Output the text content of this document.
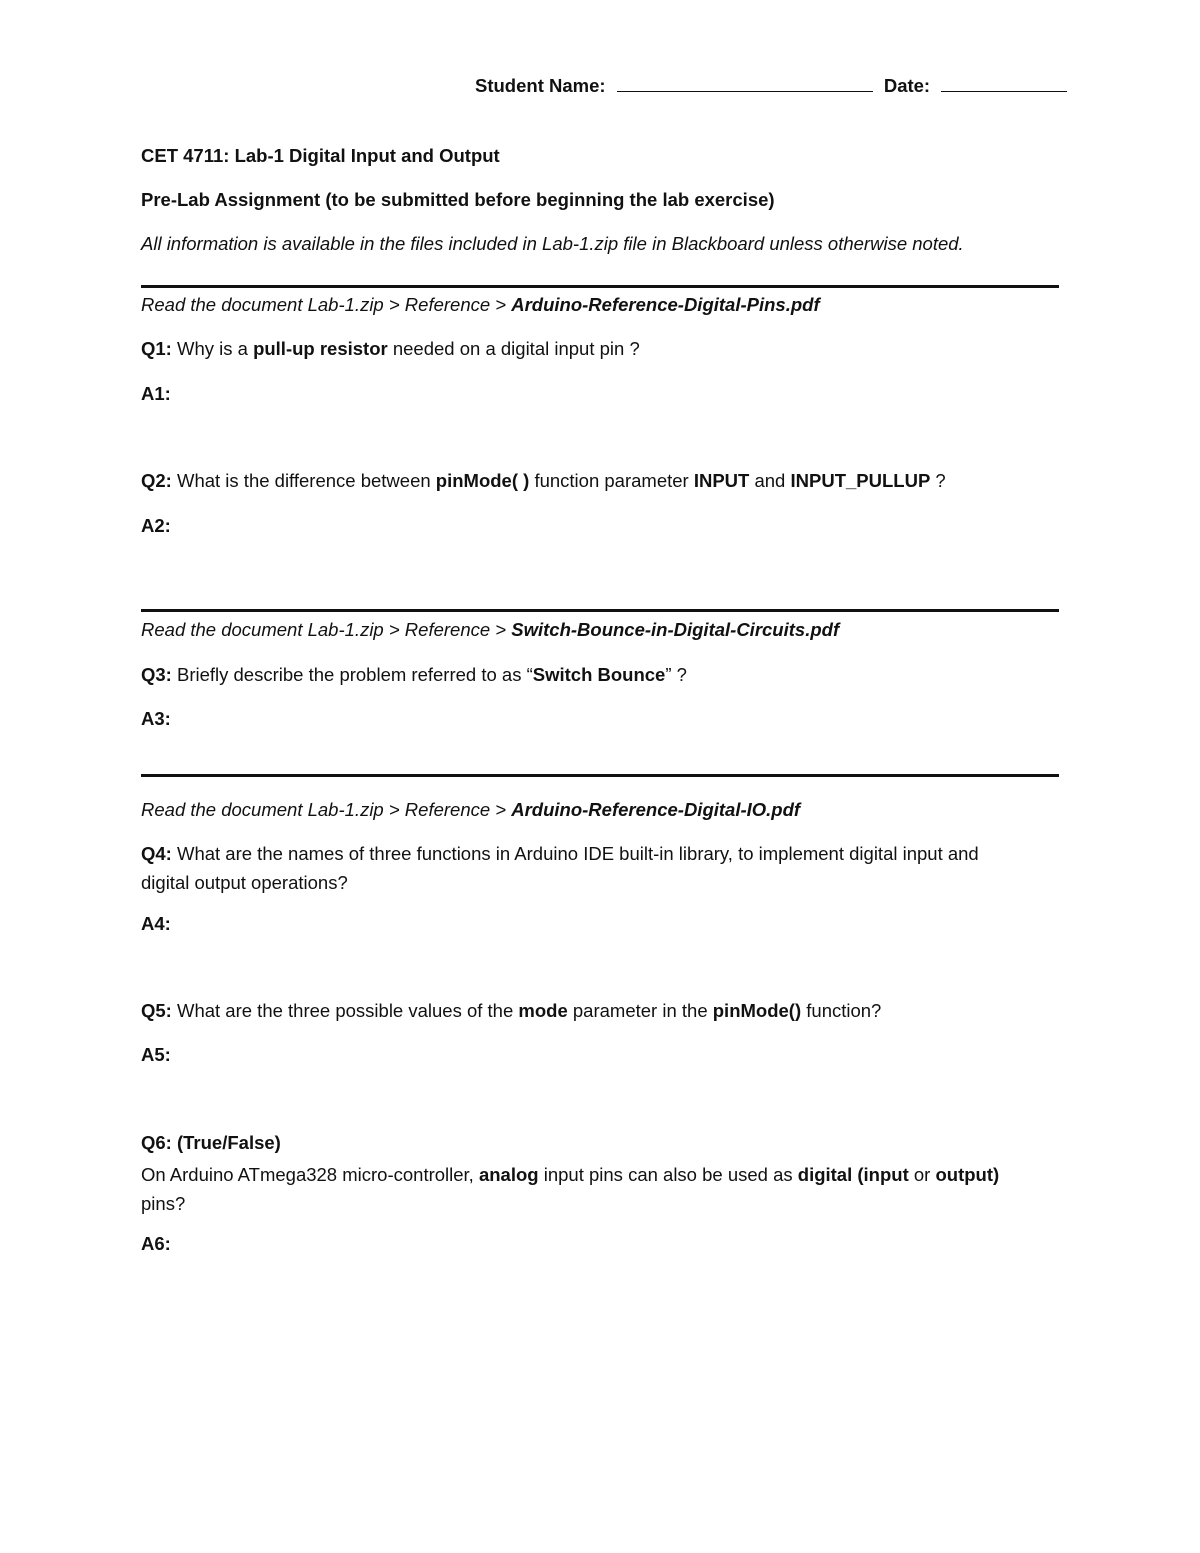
Student Name:	Date:
CET 4711: Lab-1 Digital Input and Output
Pre-Lab Assignment (to be submitted before beginning the lab exercise)
All information is available in the files included in Lab-1.zip file in Blackboard unless otherwise noted.
Read the document Lab-1.zip > Reference > Arduino-Reference-Digital-Pins.pdf
Q1: Why is a pull-up resistor needed on a digital input pin ?
A1:
Q2: What is the difference between pinMode( ) function parameter INPUT and INPUT_PULLUP ?
A2:
Read the document Lab-1.zip > Reference > Switch-Bounce-in-Digital-Circuits.pdf
Q3: Briefly describe the problem referred to as “Switch Bounce” ?
A3:
Read the document Lab-1.zip > Reference > Arduino-Reference-Digital-IO.pdf
Q4: What are the names of three functions in Arduino IDE built-in library, to implement digital input and
digital output operations?
A4:
Q5: What are the three possible values of the mode parameter in the pinMode() function?
A5:
Q6: (True/False)
On Arduino ATmega328 micro-controller, analog input pins can also be used as digital (input or output)
pins?
A6:
